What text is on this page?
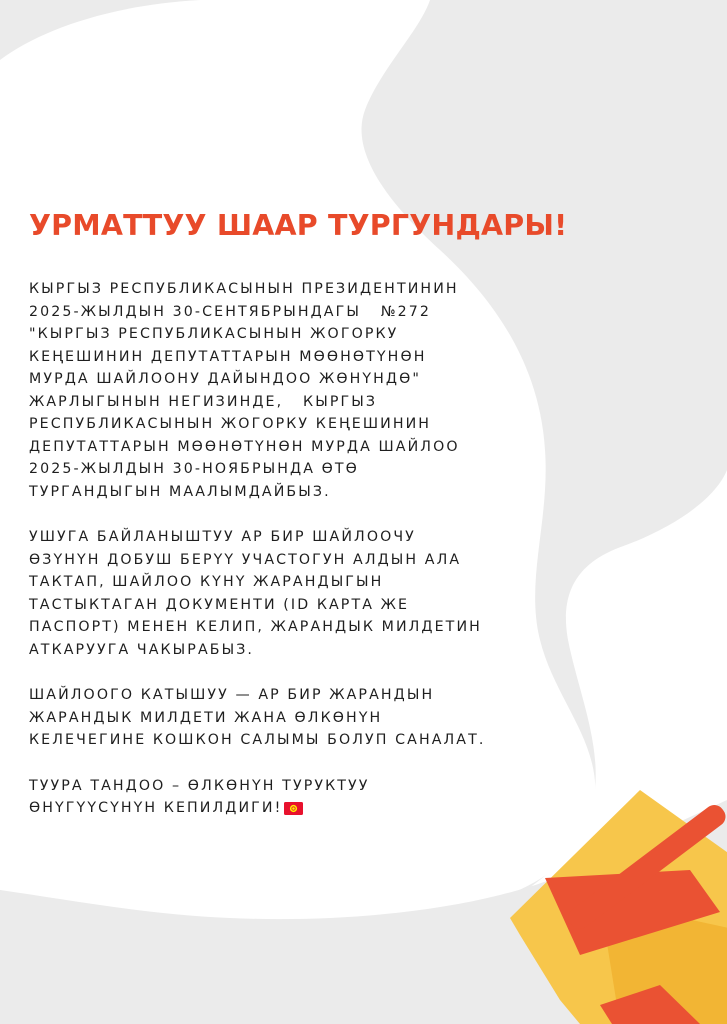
УРМАТТУУ ШААР ТУРГУНДАРЫ!

КЫРГЫЗ РЕСПУБЛИКАСЫНЫН ПРЕЗИДЕНТИНИН
2025-ЖЫЛДЫН 30-СЕНТЯБРЫНДАГЫ   №272
"КЫРГЫЗ РЕСПУБЛИКАСЫНЫН ЖОГОРКУ
КЕҢЕШИНИН ДЕПУТАТТАРЫН МӨӨНӨТҮНӨН
МУРДА ШАЙЛООНУ ДАЙЫНДОО ЖӨНҮНДӨ"
ЖАРЛЫГЫНЫН НЕГИЗИНДЕ,   КЫРГЫЗ
РЕСПУБЛИКАСЫНЫН ЖОГОРКУ КЕҢЕШИНИН
ДЕПУТАТТАРЫН МӨӨНӨТҮНӨН МУРДА ШАЙЛОО
2025-ЖЫЛДЫН 30-НОЯБРЫНДА ӨТӨ
ТУРГАНДЫГЫН МААЛЫМДАЙБЫЗ.

УШУГА БАЙЛАНЫШТУУ АР БИР ШАЙЛООЧУ
ӨЗҮНҮН ДОБУШ БЕРҮҮ УЧАСТОГУН АЛДЫН АЛА
ТАКТАП, ШАЙЛОО КҮНҮ ЖАРАНДЫГЫН
ТАСТЫКТАГАН ДОКУМЕНТИ (ID КАРТА ЖЕ
ПАСПОРТ) МЕНЕН КЕЛИП, ЖАРАНДЫК МИЛДЕТИН
АТКАРУУГА ЧАКЫРАБЫЗ.

ШАЙЛООГО КАТЫШУУ — АР БИР ЖАРАНДЫН
ЖАРАНДЫК МИЛДЕТИ ЖАНА ӨЛКӨНҮН
КЕЛЕЧЕГИНЕ КОШКОН САЛЫМЫ БОЛУП САНАЛАТ.

ТУУРА ТАНДОО – ӨЛКӨНҮН ТУРУКТУУ
ӨНҮГҮҮСҮНҮН КЕПИЛДИГИ!
